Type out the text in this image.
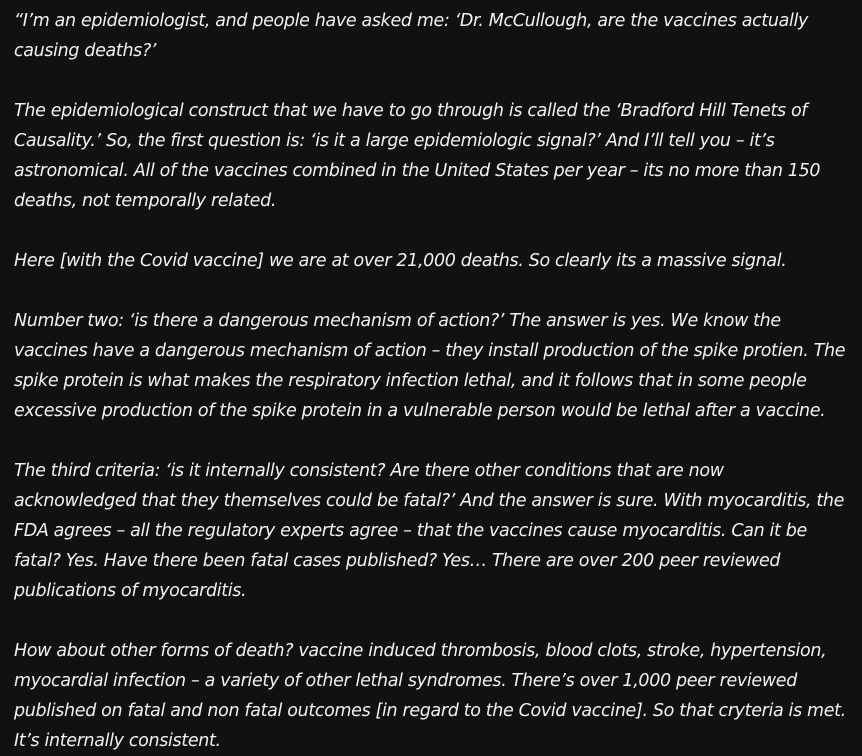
“I’m an epidemiologist, and people have asked me: ‘Dr. McCullough, are the vaccines actually causing deaths?’

The epidemiological construct that we have to go through is called the ‘Bradford Hill Tenets of Causality.’ So, the first question is: ‘is it a large epidemiologic signal?’ And I’ll tell you – it’s astronomical. All of the vaccines combined in the United States per year – its no more than 150 deaths, not temporally related.

Here [with the Covid vaccine] we are at over 21,000 deaths. So clearly its a massive signal.

Number two: ‘is there a dangerous mechanism of action?’ The answer is yes. We know the vaccines have a dangerous mechanism of action – they install production of the spike protien. The spike protein is what makes the respiratory infection lethal, and it follows that in some people excessive production of the spike protein in a vulnerable person would be lethal after a vaccine.

The third criteria: ‘is it internally consistent? Are there other conditions that are now acknowledged that they themselves could be fatal?’ And the answer is sure. With myocarditis, the FDA agrees – all the regulatory experts agree – that the vaccines cause myocarditis. Can it be fatal? Yes. Have there been fatal cases published? Yes… There are over 200 peer reviewed publications of myocarditis.

How about other forms of death? vaccine induced thrombosis, blood clots, stroke, hypertension, myocardial infection – a variety of other lethal syndromes. There’s over 1,000 peer reviewed published on fatal and non fatal outcomes [in regard to the Covid vaccine]. So that cryteria is met. It’s internally consistent.
